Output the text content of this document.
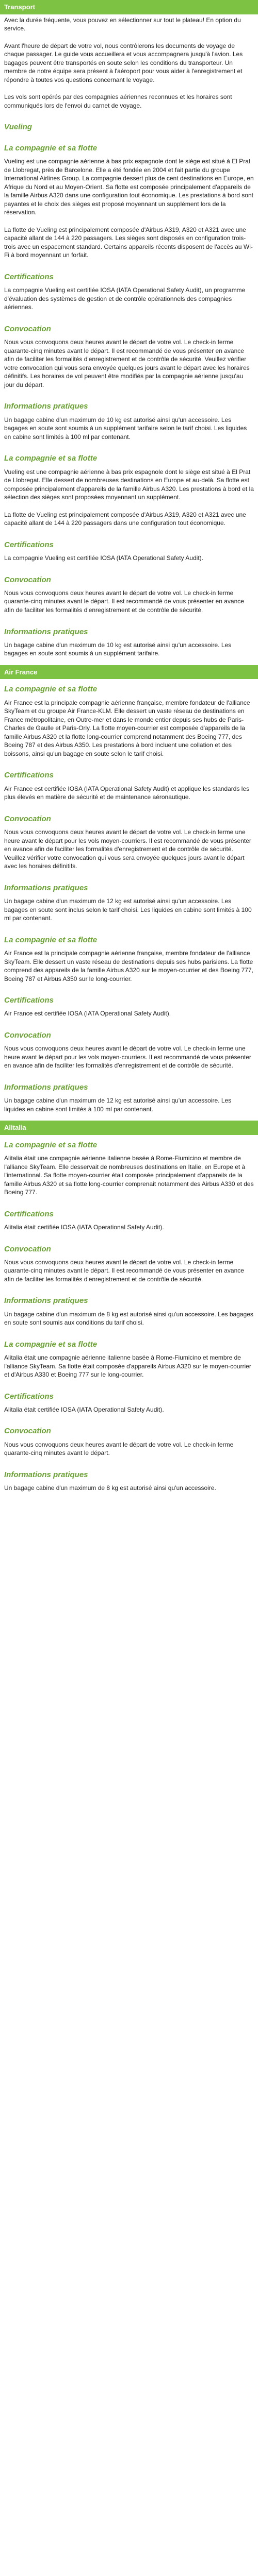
Transport
Avec la durée fréquente, vous pouvez en sélectionner sur tout le plateau! En option du service.
Avant l'heure de départ de votre vol, nous contrôlerons les documents de voyage de chaque passager. Le guide vous accueillera et vous accompagnera jusqu'à l'avion. Les bagages peuvent être transportés en soute selon les conditions du transporteur. Un membre de notre équipe sera présent à l'aéroport pour vous aider à l'enregistrement et répondre à toutes vos questions concernant le voyage.
Les vols sont opérés par des compagnies aériennes reconnues et les horaires sont communiqués lors de l'envoi du carnet de voyage.
Vueling
La compagnie et sa flotte
Vueling est une compagnie aérienne à bas prix espagnole dont le siège est situé à El Prat de Llobregat, près de Barcelone. Elle a été fondée en 2004 et fait partie du groupe International Airlines Group. La compagnie dessert plus de cent destinations en Europe, en Afrique du Nord et au Moyen-Orient. Sa flotte est composée principalement d'appareils de la famille Airbus A320 dans une configuration tout économique. Les prestations à bord sont payantes et le choix des sièges est proposé moyennant un supplément lors de la réservation.
La flotte de Vueling est principalement composée d'Airbus A319, A320 et A321 avec une capacité allant de 144 à 220 passagers. Les sièges sont disposés en configuration trois-trois avec un espacement standard. Certains appareils récents disposent de l'accès au Wi-Fi à bord moyennant un forfait.
Certifications
La compagnie Vueling est certifiée IOSA (IATA Operational Safety Audit), un programme d'évaluation des systèmes de gestion et de contrôle opérationnels des compagnies aériennes.
Convocation
Nous vous convoquons deux heures avant le départ de votre vol. Le check-in ferme quarante-cinq minutes avant le départ. Il est recommandé de vous présenter en avance afin de faciliter les formalités d'enregistrement et de contrôle de sécurité. Veuillez vérifier votre convocation qui vous sera envoyée quelques jours avant le départ avec les horaires définitifs. Les horaires de vol peuvent être modifiés par la compagnie aérienne jusqu'au jour du départ.
Informations pratiques
Un bagage cabine d'un maximum de 10 kg est autorisé ainsi qu'un accessoire. Les bagages en soute sont soumis à un supplément tarifaire selon le tarif choisi. Les liquides en cabine sont limités à 100 ml par contenant.
La compagnie et sa flotte
Vueling est une compagnie aérienne à bas prix espagnole dont le siège est situé à El Prat de Llobregat. Elle dessert de nombreuses destinations en Europe et au-delà. Sa flotte est composée principalement d'appareils de la famille Airbus A320. Les prestations à bord et la sélection des sièges sont proposées moyennant un supplément.
La flotte de Vueling est principalement composée d'Airbus A319, A320 et A321 avec une capacité allant de 144 à 220 passagers dans une configuration tout économique.
Certifications
La compagnie Vueling est certifiée IOSA (IATA Operational Safety Audit).
Convocation
Nous vous convoquons deux heures avant le départ de votre vol. Le check-in ferme quarante-cinq minutes avant le départ. Il est recommandé de vous présenter en avance afin de faciliter les formalités d'enregistrement et de contrôle de sécurité.
Informations pratiques
Un bagage cabine d'un maximum de 10 kg est autorisé ainsi qu'un accessoire. Les bagages en soute sont soumis à un supplément tarifaire.
Air France
La compagnie et sa flotte
Air France est la principale compagnie aérienne française, membre fondateur de l'alliance SkyTeam et du groupe Air France-KLM. Elle dessert un vaste réseau de destinations en France métropolitaine, en Outre-mer et dans le monde entier depuis ses hubs de Paris-Charles de Gaulle et Paris-Orly. La flotte moyen-courrier est composée d'appareils de la famille Airbus A320 et la flotte long-courrier comprend notamment des Boeing 777, des Boeing 787 et des Airbus A350. Les prestations à bord incluent une collation et des boissons, ainsi qu'un bagage en soute selon le tarif choisi.
Certifications
Air France est certifiée IOSA (IATA Operational Safety Audit) et applique les standards les plus élevés en matière de sécurité et de maintenance aéronautique.
Convocation
Nous vous convoquons deux heures avant le départ de votre vol. Le check-in ferme une heure avant le départ pour les vols moyen-courriers. Il est recommandé de vous présenter en avance afin de faciliter les formalités d'enregistrement et de contrôle de sécurité. Veuillez vérifier votre convocation qui vous sera envoyée quelques jours avant le départ avec les horaires définitifs.
Informations pratiques
Un bagage cabine d'un maximum de 12 kg est autorisé ainsi qu'un accessoire. Les bagages en soute sont inclus selon le tarif choisi. Les liquides en cabine sont limités à 100 ml par contenant.
La compagnie et sa flotte
Air France est la principale compagnie aérienne française, membre fondateur de l'alliance SkyTeam. Elle dessert un vaste réseau de destinations depuis ses hubs parisiens. La flotte comprend des appareils de la famille Airbus A320 sur le moyen-courrier et des Boeing 777, Boeing 787 et Airbus A350 sur le long-courrier.
Certifications
Air France est certifiée IOSA (IATA Operational Safety Audit).
Convocation
Nous vous convoquons deux heures avant le départ de votre vol. Le check-in ferme une heure avant le départ pour les vols moyen-courriers. Il est recommandé de vous présenter en avance afin de faciliter les formalités d'enregistrement et de contrôle de sécurité.
Informations pratiques
Un bagage cabine d'un maximum de 12 kg est autorisé ainsi qu'un accessoire. Les liquides en cabine sont limités à 100 ml par contenant.
Alitalia
La compagnie et sa flotte
Alitalia était une compagnie aérienne italienne basée à Rome-Fiumicino et membre de l'alliance SkyTeam. Elle desservait de nombreuses destinations en Italie, en Europe et à l'international. Sa flotte moyen-courrier était composée principalement d'appareils de la famille Airbus A320 et sa flotte long-courrier comprenait notamment des Airbus A330 et des Boeing 777.
Certifications
Alitalia était certifiée IOSA (IATA Operational Safety Audit).
Convocation
Nous vous convoquons deux heures avant le départ de votre vol. Le check-in ferme quarante-cinq minutes avant le départ. Il est recommandé de vous présenter en avance afin de faciliter les formalités d'enregistrement et de contrôle de sécurité.
Informations pratiques
Un bagage cabine d'un maximum de 8 kg est autorisé ainsi qu'un accessoire. Les bagages en soute sont soumis aux conditions du tarif choisi.
La compagnie et sa flotte
Alitalia était une compagnie aérienne italienne basée à Rome-Fiumicino et membre de l'alliance SkyTeam. Sa flotte était composée d'appareils Airbus A320 sur le moyen-courrier et d'Airbus A330 et Boeing 777 sur le long-courrier.
Certifications
Alitalia était certifiée IOSA (IATA Operational Safety Audit).
Convocation
Nous vous convoquons deux heures avant le départ de votre vol. Le check-in ferme quarante-cinq minutes avant le départ.
Informations pratiques
Un bagage cabine d'un maximum de 8 kg est autorisé ainsi qu'un accessoire.
